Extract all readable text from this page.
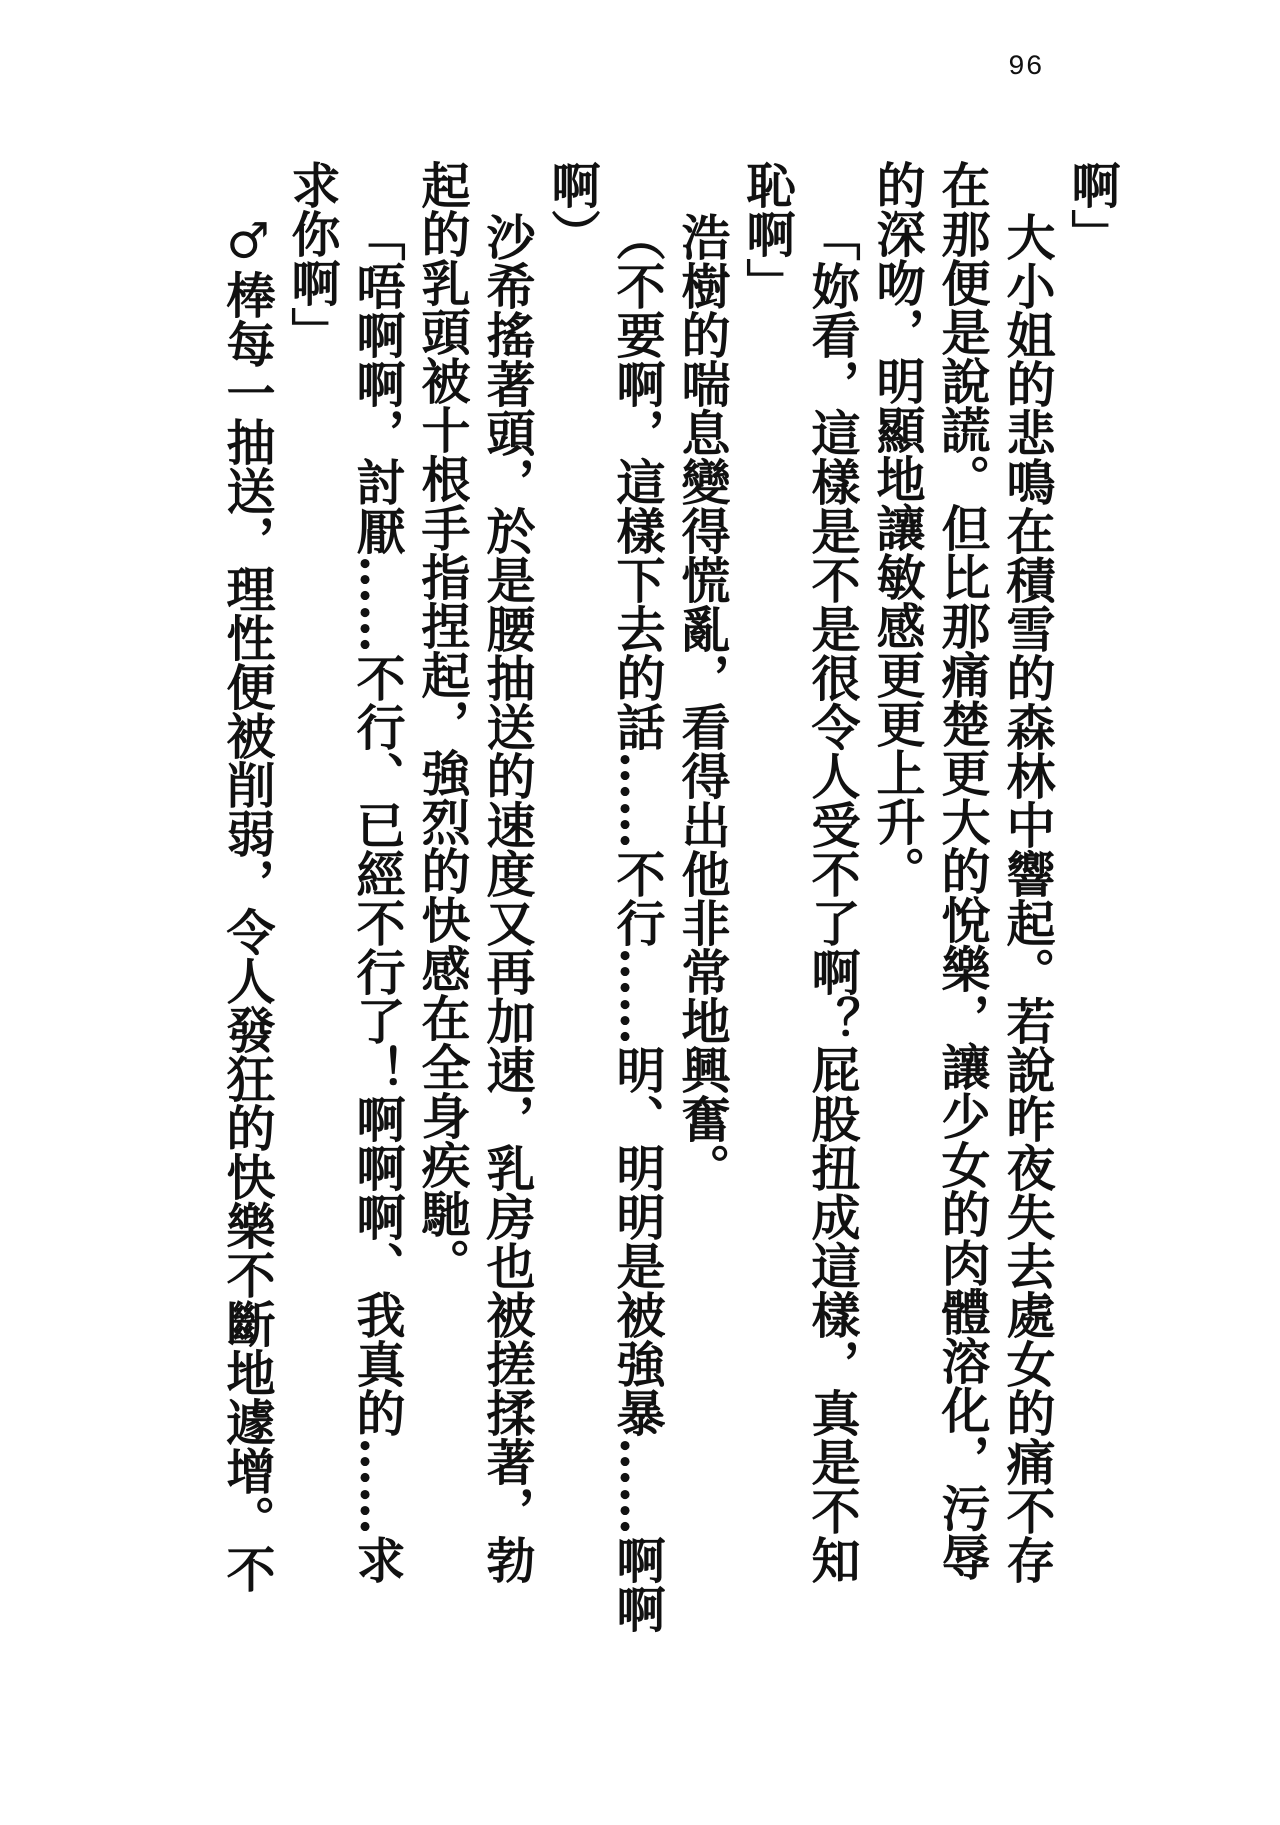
96
啊」
大小姐的悲鳴在積雪的森林中響起。若說昨夜失去處女的痛不存
在那便是說謊。但比那痛楚更大的悅樂，讓少女的肉體溶化，污辱
的深吻，明顯地讓敏感更更上升。
「妳看，這樣是不是很令人受不了啊？屁股扭成這樣，真是不知
恥啊」
浩樹的喘息變得慌亂，看得出他非常地興奮。
（不要啊，這樣下去的話……不行……明、明明是被強暴……啊啊
啊）
沙希搖著頭，於是腰抽送的速度又再加速，乳房也被搓揉著，勃
起的乳頭被十根手指捏起，強烈的快感在全身疾馳。
「唔啊啊，討厭……不行、已經不行了！啊啊啊、我真的……求
求你啊」
♂棒每一抽送，理性便被削弱，令人發狂的快樂不斷地遽增。不
